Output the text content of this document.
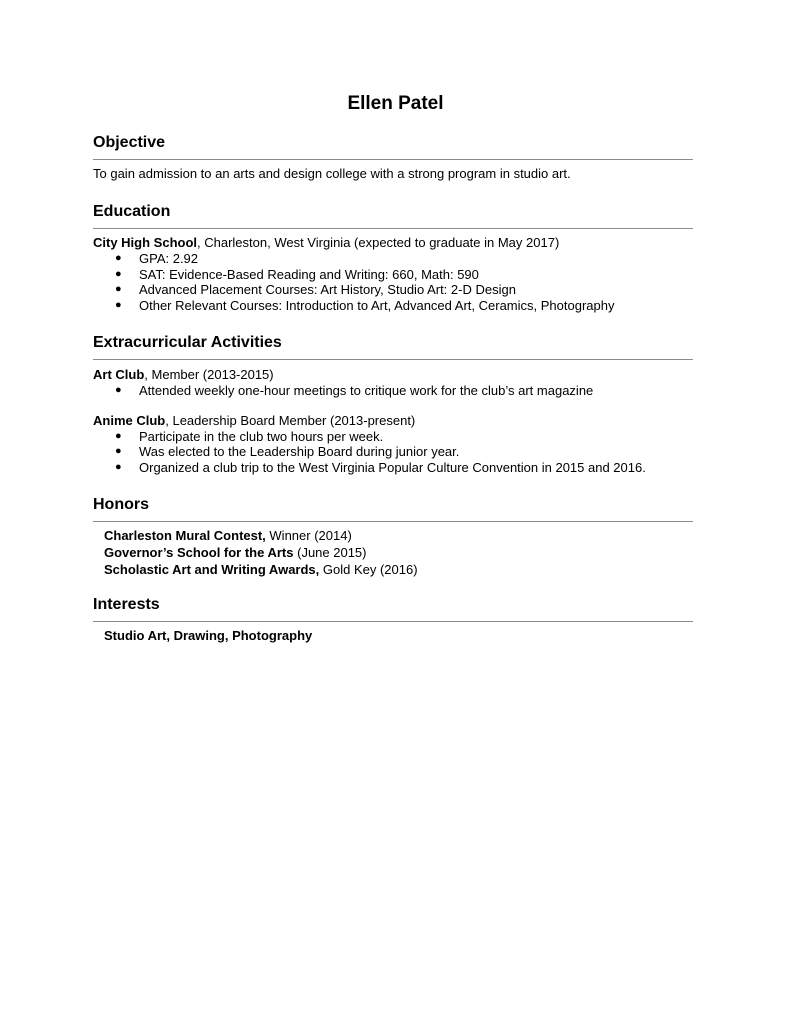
Ellen Patel
Objective

To gain admission to an arts and design college with a strong program in studio art.

Education

City High School, Charleston, West Virginia (expected to graduate in May 2017)

● GPA: 2.92
● SAT: Evidence-Based Reading and Writing: 660, Math: 590
● Advanced Placement Courses: Art History, Studio Art: 2-D Design
● Other Relevant Courses: Introduction to Art, Advanced Art, Ceramics, Photography
Extracurricular Activities

Art Club, Member (2013-2015)

● Attended weekly one-hour meetings to critique work for the club’s art magazine

Anime Club, Leadership Board Member (2013-present)

● Participate in the club two hours per week.
● Was elected to the Leadership Board during junior year.
● Organized a club trip to the West Virginia Popular Culture Convention in 2015 and 2016.
Honors

Charleston Mural Contest, Winner (2014)

Governor’s School for the Arts (June 2015)

Scholastic Art and Writing Awards, Gold Key (2016)

Interests

Studio Art, Drawing, Photography
